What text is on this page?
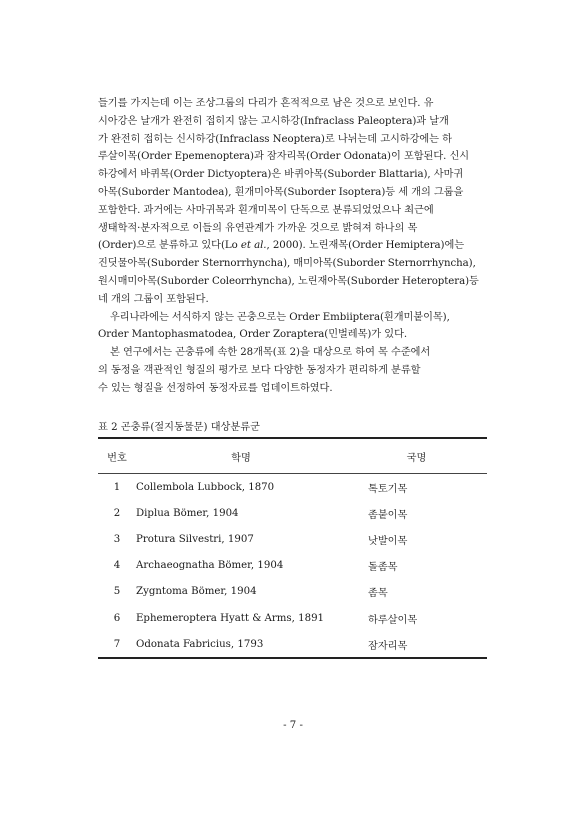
들기를 가지는데 이는 조상그룹의 다리가 흔적적으로 남은 것으로 보인다. 유

시아강은 날개가 완전히 접히지 않는 고시하강(Infraclass Paleoptera)과 날개

가 완전히 접히는 신시하강(Infraclass Neoptera)로 나뉘는데 고시하강에는 하

루살이목(Order Epemenoptera)과 잠자리목(Order Odonata)이 포함된다. 신시

하강에서 바퀴목(Order Dictyoptera)은 바퀴아목(Suborder Blattaria), 사마귀

아목(Suborder Mantodea), 흰개미아목(Suborder Isoptera)등 세 개의 그룹을

포함한다. 과거에는 사마귀목과 흰개미목이 단독으로 분류되었었으나 최근에

생태학적·분자적으로 이들의 유연관계가 가까운 것으로 밝혀져 하나의 목

(Order)으로 분류하고 있다(Lo et al., 2000). 노린재목(Order Hemiptera)에는

진딧물아목(Suborder Sternorrhyncha), 매미아목(Suborder Sternorrhyncha),

원시매미아목(Suborder Coleorrhyncha), 노린재아목(Suborder Heteroptera)등

네 개의 그룹이 포함된다.

우리나라에는 서식하지 않는 곤충으로는 Order Embiiptera(흰개미붙이목),

Order Mantophasmatodea, Order Zoraptera(민벌레목)가 있다.

본 연구에서는 곤충류에 속한 28개목(표 2)을 대상으로 하여 목 수준에서

의 동정을 객관적인 형질의 평가로 보다 다양한 동정자가 편리하게 분류할

수 있는 형질을 선정하여 동정자료를 업데이트하였다.

표 2 곤충류(절지동물문) 대상분류군
번호	학명	국명
1	Collembola Lubbock, 1870	톡토기목
2	Diplua Bömer, 1904	좀붙이목
3	Protura Silvestri, 1907	낫발이목
4	Archaeognatha Bömer, 1904	돌좀목
5	Zygntoma Bömer, 1904	좀목
6	Ephemeroptera Hyatt & Arms, 1891	하루살이목
7	Odonata Fabricius, 1793	잠자리목
- 7 -
